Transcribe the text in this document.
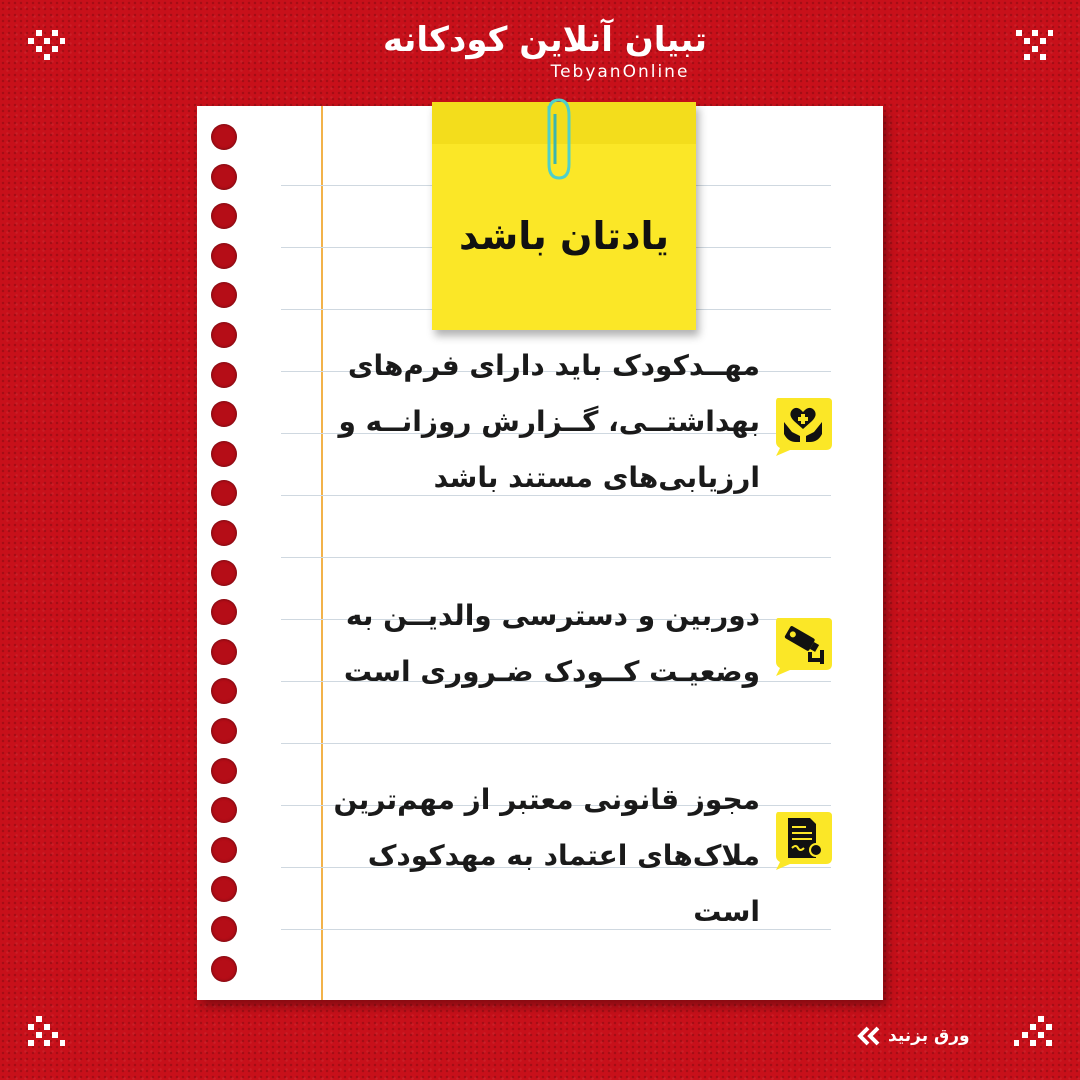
تبیان آنلاین کودکانه
TebyanOnline
یادتان باشد
مهــدکودک باید دارای فرم‌های
بهداشتــی، گــزارش روزانــه و
ارزیابی‌های مستند باشد
دوربین و دسترسی والدیــن به
وضعیـت کــودک ضـروری است
مجوز قانونی معتبر از مهم‌ترین
ملاک‌های اعتماد به مهدکودک
است
ورق بزنید
